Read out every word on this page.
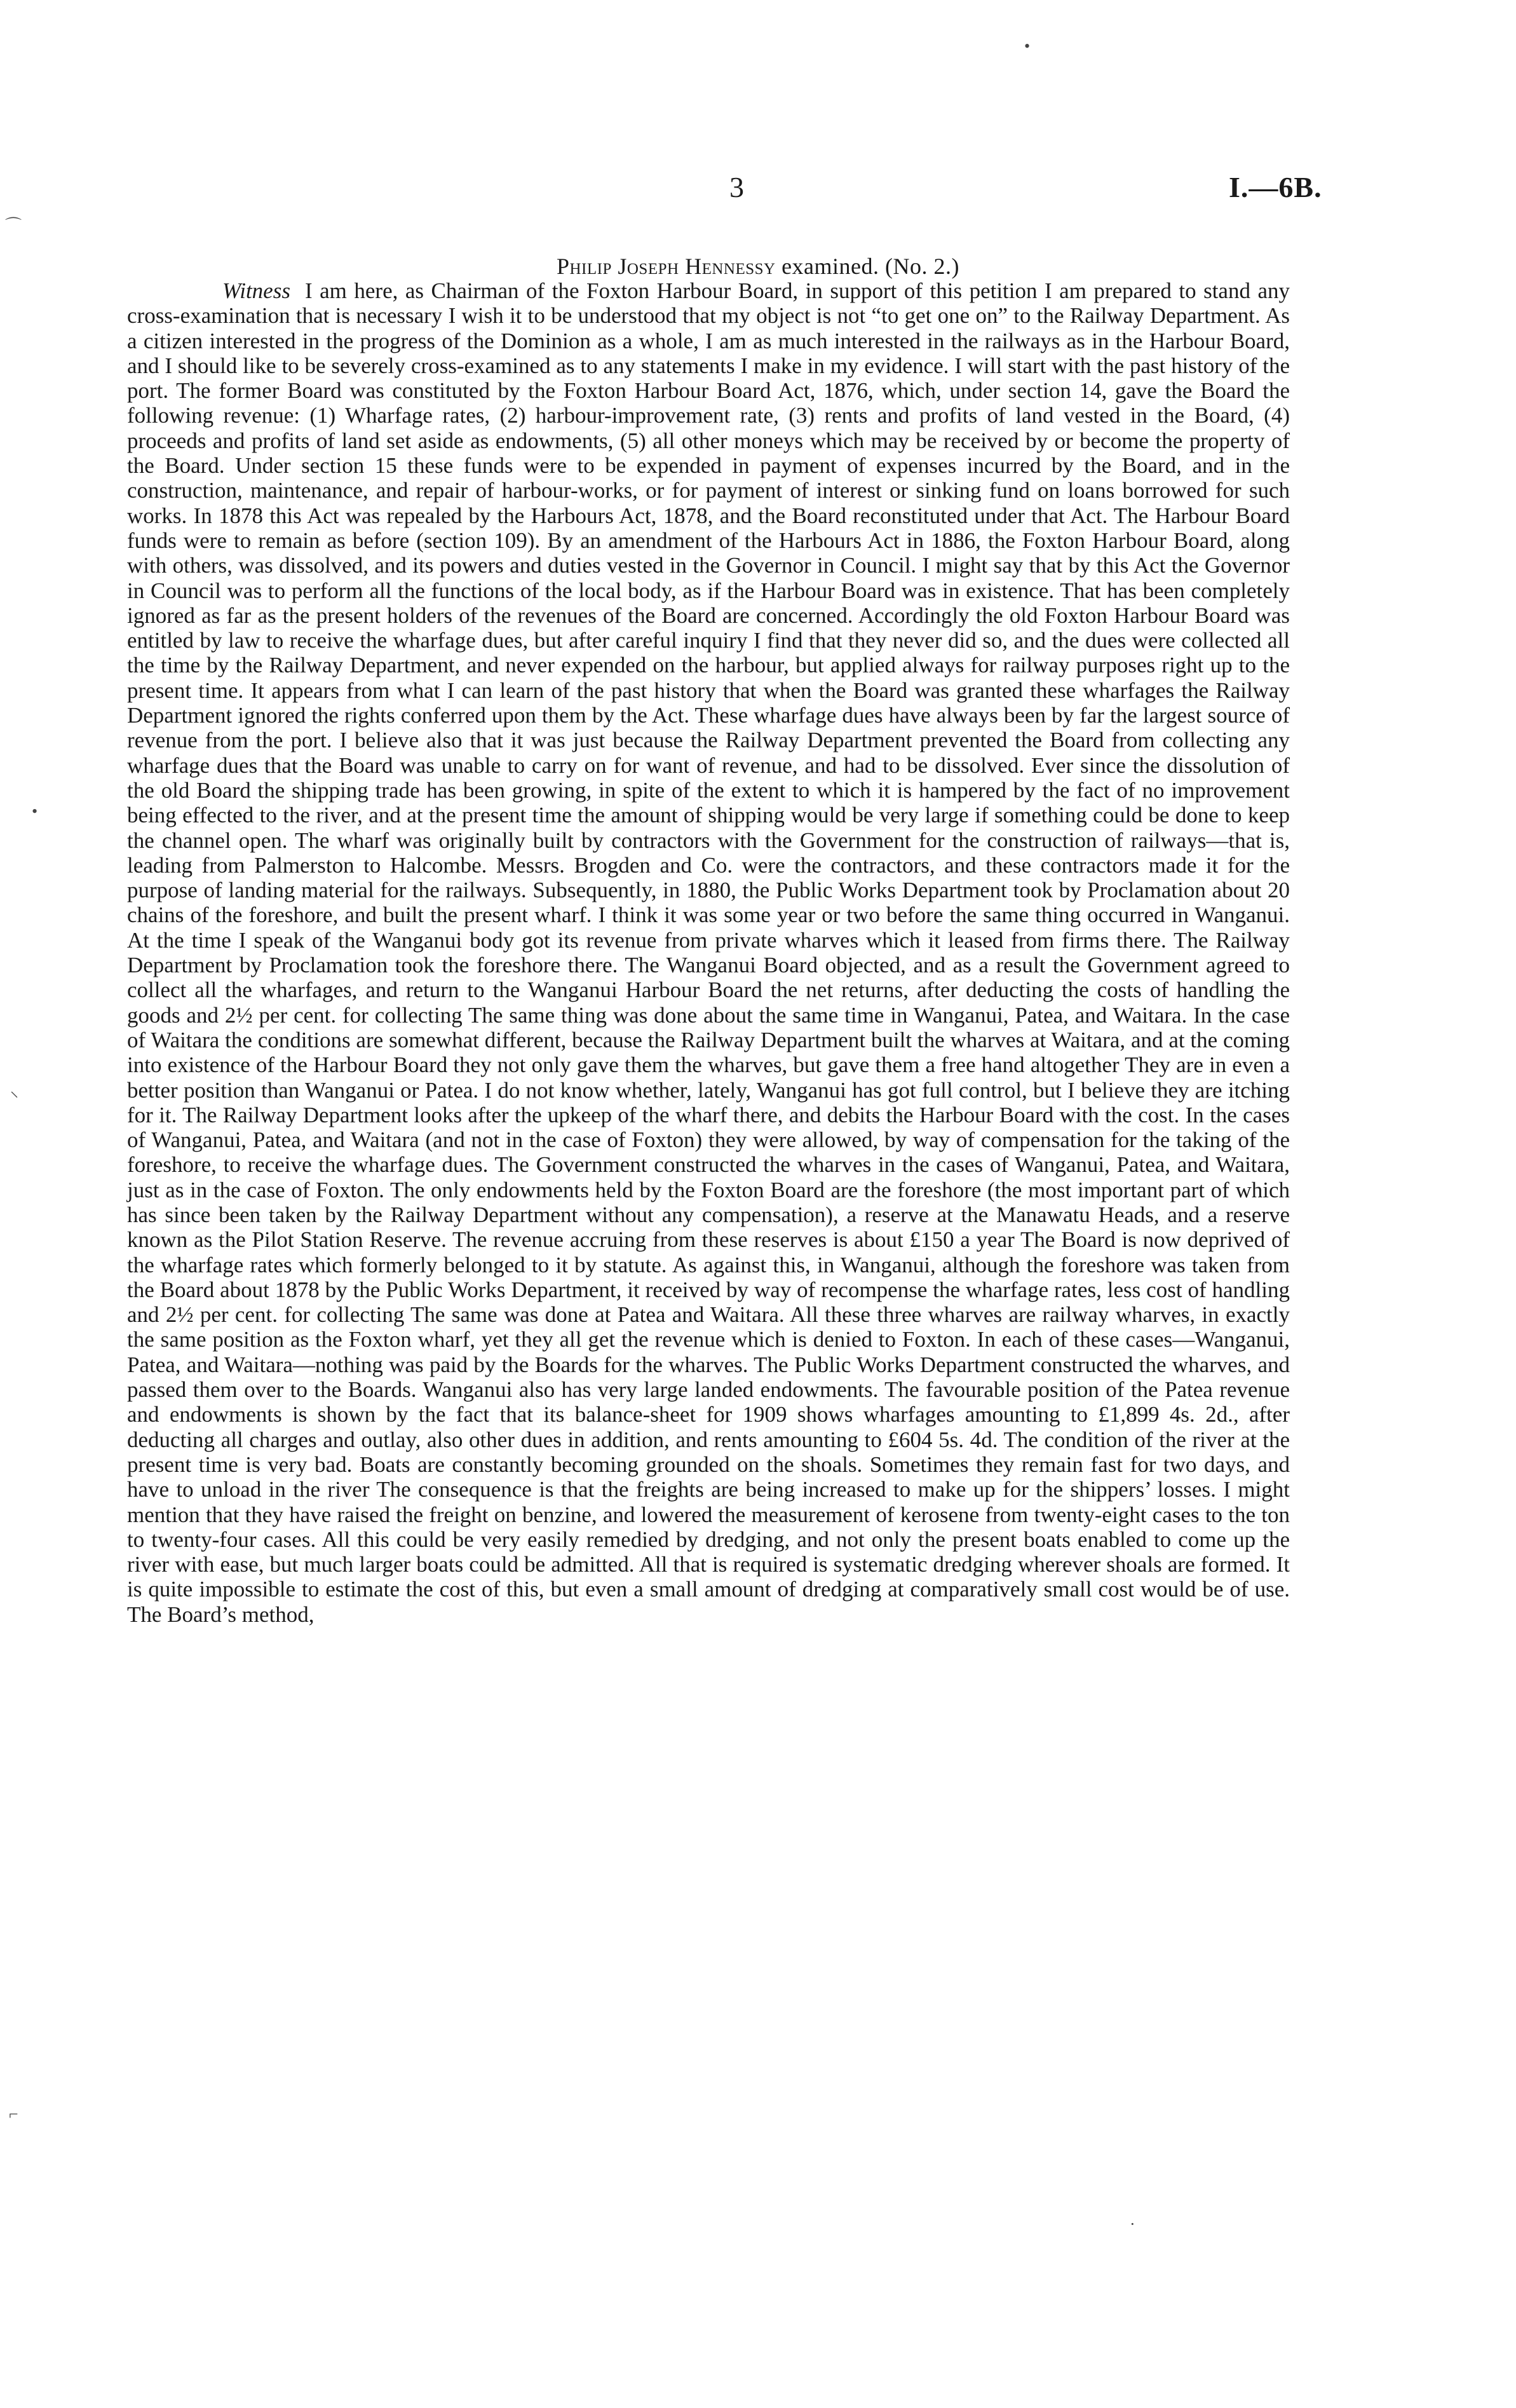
3	I.—6B.
Philip Joseph Hennessy examined. (No. 2.)

Witness I am here, as Chairman of the Foxton Harbour Board, in support of this petition I am prepared to stand any cross-examination that is necessary I wish it to be understood that my object is not “to get one on” to the Railway Department. As a citizen interested in the progress of the Dominion as a whole, I am as much interested in the railways as in the Harbour Board, and I should like to be severely cross-examined as to any statements I make in my evidence. I will start with the past history of the port. The former Board was constituted by the Foxton Harbour Board Act, 1876, which, under section 14, gave the Board the following revenue: (1) Wharfage rates, (2) harbour-improvement rate, (3) rents and profits of land vested in the Board, (4) proceeds and profits of land set aside as endowments, (5) all other moneys which may be received by or become the property of the Board. Under section 15 these funds were to be expended in payment of expenses incurred by the Board, and in the construction, maintenance, and repair of harbour-works, or for payment of interest or sinking fund on loans borrowed for such works. In 1878 this Act was repealed by the Harbours Act, 1878, and the Board reconstituted under that Act. The Harbour Board funds were to remain as before (section 109). By an amendment of the Harbours Act in 1886, the Foxton Harbour Board, along with others, was dissolved, and its powers and duties vested in the Governor in Council. I might say that by this Act the Governor in Council was to perform all the functions of the local body, as if the Harbour Board was in existence. That has been completely ignored as far as the present holders of the revenues of the Board are concerned. Accordingly the old Foxton Harbour Board was entitled by law to receive the wharfage dues, but after careful inquiry I find that they never did so, and the dues were collected all the time by the Railway Department, and never expended on the harbour, but applied always for railway purposes right up to the present time. It appears from what I can learn of the past history that when the Board was granted these wharfages the Railway Department ignored the rights conferred upon them by the Act. These wharfage dues have always been by far the largest source of revenue from the port. I believe also that it was just because the Railway Department prevented the Board from collecting any wharfage dues that the Board was unable to carry on for want of revenue, and had to be dissolved. Ever since the dissolution of the old Board the shipping trade has been growing, in spite of the extent to which it is hampered by the fact of no improvement being effected to the river, and at the present time the amount of shipping would be very large if something could be done to keep the channel open. The wharf was originally built by contractors with the Government for the construction of railways—that is, leading from Palmerston to Halcombe. Messrs. Brogden and Co. were the contractors, and these contractors made it for the purpose of landing material for the railways. Subsequently, in 1880, the Public Works Department took by Proclamation about 20 chains of the foreshore, and built the present wharf. I think it was some year or two before the same thing occurred in Wanganui. At the time I speak of the Wanganui body got its revenue from private wharves which it leased from firms there. The Railway Department by Proclamation took the foreshore there. The Wanganui Board objected, and as a result the Government agreed to collect all the wharfages, and return to the Wanganui Harbour Board the net returns, after deducting the costs of handling the goods and 2½ per cent. for collecting The same thing was done about the same time in Wanganui, Patea, and Waitara. In the case of Waitara the conditions are somewhat different, because the Railway Department built the wharves at Waitara, and at the coming into existence of the Harbour Board they not only gave them the wharves, but gave them a free hand altogether They are in even a better position than Wanganui or Patea. I do not know whether, lately, Wanganui has got full control, but I believe they are itching for it. The Railway Department looks after the upkeep of the wharf there, and debits the Harbour Board with the cost. In the cases of Wanganui, Patea, and Waitara (and not in the case of Foxton) they were allowed, by way of compensation for the taking of the foreshore, to receive the wharfage dues. The Government constructed the wharves in the cases of Wanganui, Patea, and Waitara, just as in the case of Foxton. The only endowments held by the Foxton Board are the foreshore (the most important part of which has since been taken by the Railway Department without any compensation), a reserve at the Manawatu Heads, and a reserve known as the Pilot Station Reserve. The revenue accruing from these reserves is about £150 a year The Board is now deprived of the wharfage rates which formerly belonged to it by statute. As against this, in Wanganui, although the foreshore was taken from the Board about 1878 by the Public Works Department, it received by way of recompense the wharfage rates, less cost of handling and 2½ per cent. for collecting The same was done at Patea and Waitara. All these three wharves are railway wharves, in exactly the same position as the Foxton wharf, yet they all get the revenue which is denied to Foxton. In each of these cases—Wanganui, Patea, and Waitara—nothing was paid by the Boards for the wharves. The Public Works Department constructed the wharves, and passed them over to the Boards. Wanganui also has very large landed endowments. The favourable position of the Patea revenue and endowments is shown by the fact that its balance-sheet for 1909 shows wharfages amounting to £1,899 4s. 2d., after deducting all charges and outlay, also other dues in addition, and rents amounting to £604 5s. 4d. The condition of the river at the present time is very bad. Boats are constantly becoming grounded on the shoals. Sometimes they remain fast for two days, and have to unload in the river The consequence is that the freights are being increased to make up for the shippers’ losses. I might mention that they have raised the freight on benzine, and lowered the measurement of kerosene from twenty-eight cases to the ton to twenty-four cases. All this could be very easily remedied by dredging, and not only the present boats enabled to come up the river with ease, but much larger boats could be admitted. All that is required is systematic dredging wherever shoals are formed. It is quite impossible to estimate the cost of this, but even a small amount of dredging at comparatively small cost would be of use. The Board’s method,

•
⌒
•
⸌
⌐
·
